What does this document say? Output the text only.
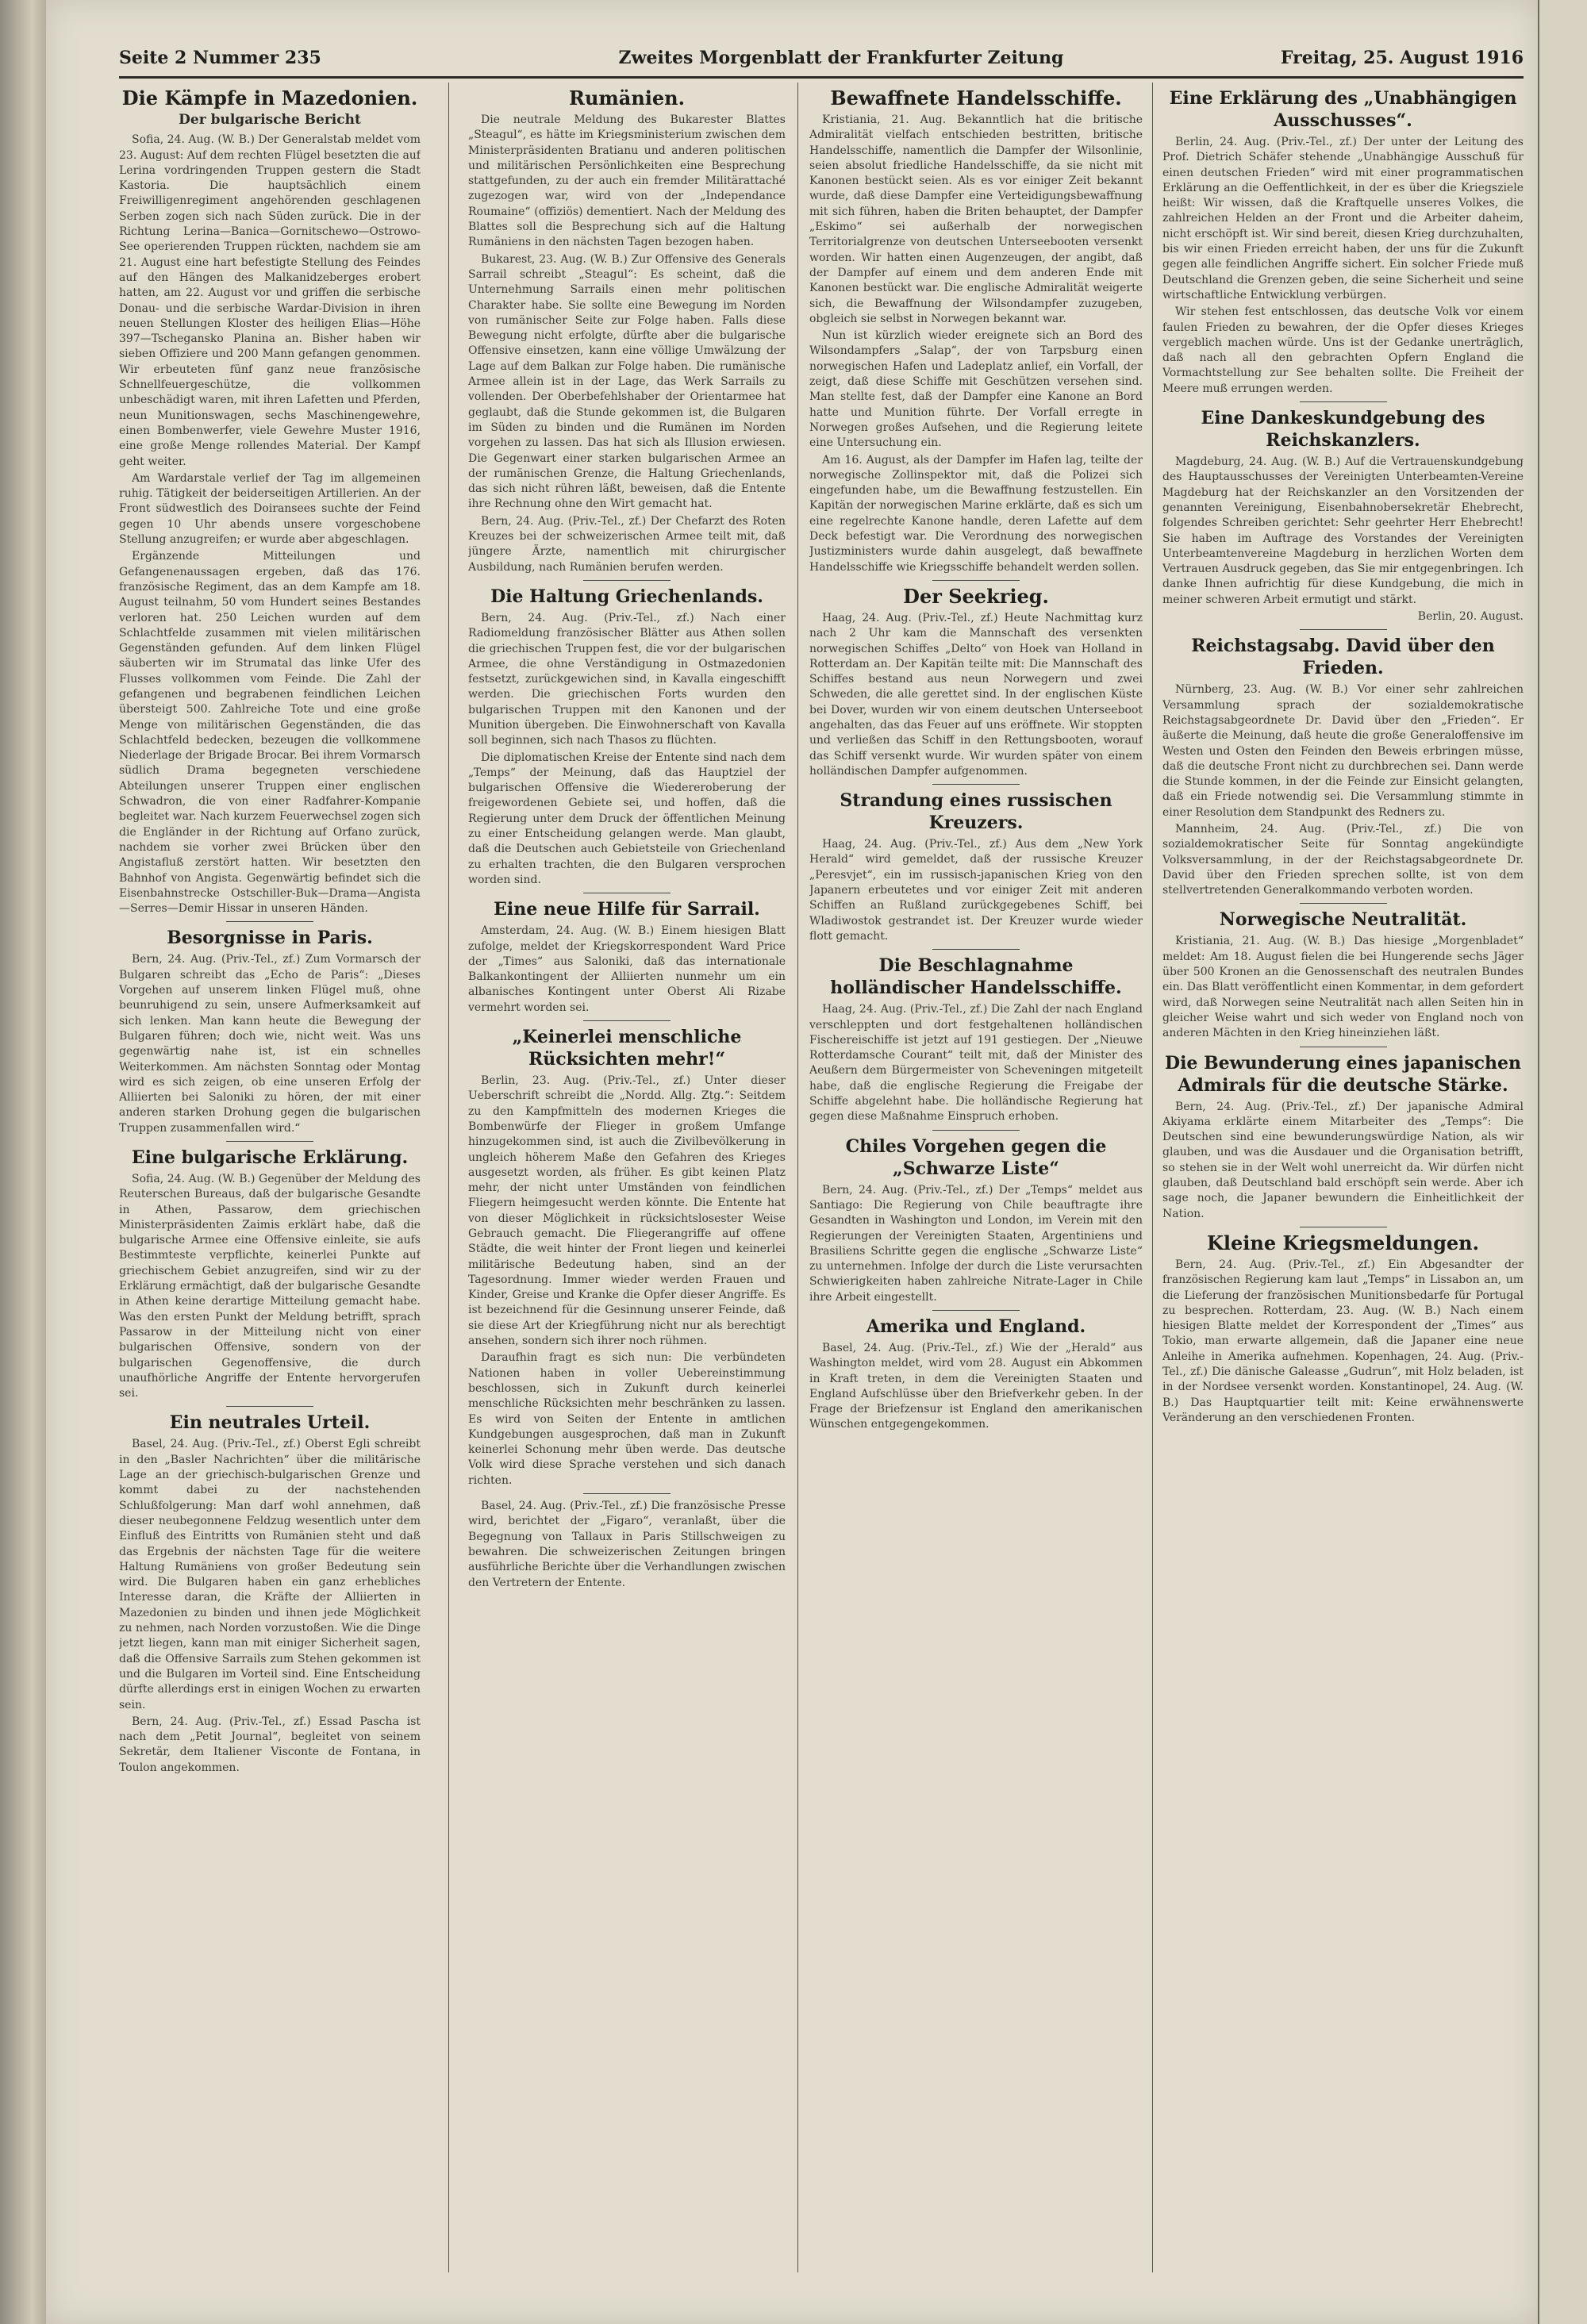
Seite 2 Nummer 235	Zweites Morgenblatt der Frankfurter Zeitung	Freitag, 25. August 1916
Die Kämpfe in Mazedonien.
Der bulgarische Bericht

Sofia, 24. Aug. (W. B.) Der Generalstab meldet vom 23. August: Auf dem rechten Flügel besetzten die auf Lerina vordringenden Truppen gestern die Stadt Kastoria. Die hauptsächlich einem Freiwilligenregiment angehörenden geschlagenen Serben zogen sich nach Süden zurück. Die in der Richtung Lerina—Banica—Gornitschewo—Ostrowo-See operierenden Truppen rückten, nachdem sie am 21. August eine hart befestigte Stellung des Feindes auf den Hängen des Malkanidzeberges erobert hatten, am 22. August vor und griffen die serbische Donau- und die serbische Wardar-Division in ihren neuen Stellungen Kloster des heiligen Elias—Höhe 397—Tschegansko Planina an. Bisher haben wir sieben Offiziere und 200 Mann gefangen genommen. Wir erbeuteten fünf ganz neue französische Schnellfeuergeschütze, die vollkommen unbeschädigt waren, mit ihren Lafetten und Pferden, neun Munitionswagen, sechs Maschinengewehre, einen Bombenwerfer, viele Gewehre Muster 1916, eine große Menge rollendes Material. Der Kampf geht weiter.

Am Wardarstale verlief der Tag im allgemeinen ruhig. Tätigkeit der beiderseitigen Artillerien. An der Front südwestlich des Doiransees suchte der Feind gegen 10 Uhr abends unsere vorgeschobene Stellung anzugreifen; er wurde aber abgeschlagen.

Ergänzende Mitteilungen und Gefangenenaussagen ergeben, daß das 176. französische Regiment, das an dem Kampfe am 18. August teilnahm, 50 vom Hundert seines Bestandes verloren hat. 250 Leichen wurden auf dem Schlachtfelde zusammen mit vielen militärischen Gegenständen gefunden. Auf dem linken Flügel säuberten wir im Strumatal das linke Ufer des Flusses vollkommen vom Feinde. Die Zahl der gefangenen und begrabenen feindlichen Leichen übersteigt 500. Zahlreiche Tote und eine große Menge von militärischen Gegenständen, die das Schlachtfeld bedecken, bezeugen die vollkommene Niederlage der Brigade Brocar. Bei ihrem Vormarsch südlich Drama begegneten verschiedene Abteilungen unserer Truppen einer englischen Schwadron, die von einer Radfahrer-Kompanie begleitet war. Nach kurzem Feuerwechsel zogen sich die Engländer in der Richtung auf Orfano zurück, nachdem sie vorher zwei Brücken über den Angistafluß zerstört hatten. Wir besetzten den Bahnhof von Angista. Gegenwärtig befindet sich die Eisenbahnstrecke Ostschiller-Buk—Drama—Angista—Serres—Demir Hissar in unseren Händen.

Besorgnisse in Paris.

Bern, 24. Aug. (Priv.-Tel., zf.) Zum Vormarsch der Bulgaren schreibt das „Echo de Paris“: „Dieses Vorgehen auf unserem linken Flügel muß, ohne beunruhigend zu sein, unsere Aufmerksamkeit auf sich lenken. Man kann heute die Bewegung der Bulgaren führen; doch wie, nicht weit. Was uns gegenwärtig nahe ist, ist ein schnelles Weiterkommen. Am nächsten Sonntag oder Montag wird es sich zeigen, ob eine unseren Erfolg der Alliierten bei Saloniki zu hören, der mit einer anderen starken Drohung gegen die bulgarischen Truppen zusammenfallen wird.“

Eine bulgarische Erklärung.

Sofia, 24. Aug. (W. B.) Gegenüber der Meldung des Reuterschen Bureaus, daß der bulgarische Gesandte in Athen, Passarow, dem griechischen Ministerpräsidenten Zaimis erklärt habe, daß die bulgarische Armee eine Offensive einleite, sie aufs Bestimmteste verpflichte, keinerlei Punkte auf griechischem Gebiet anzugreifen, sind wir zu der Erklärung ermächtigt, daß der bulgarische Gesandte in Athen keine derartige Mitteilung gemacht habe. Was den ersten Punkt der Meldung betrifft, sprach Passarow in der Mitteilung nicht von einer bulgarischen Offensive, sondern von der bulgarischen Gegenoffensive, die durch unaufhörliche Angriffe der Entente hervorgerufen sei.

Ein neutrales Urteil.

Basel, 24. Aug. (Priv.-Tel., zf.) Oberst Egli schreibt in den „Basler Nachrichten“ über die militärische Lage an der griechisch-bulgarischen Grenze und kommt dabei zu der nachstehenden Schlußfolgerung: Man darf wohl annehmen, daß dieser neubegonnene Feldzug wesentlich unter dem Einfluß des Eintritts von Rumänien steht und daß das Ergebnis der nächsten Tage für die weitere Haltung Rumäniens von großer Bedeutung sein wird. Die Bulgaren haben ein ganz erhebliches Interesse daran, die Kräfte der Alliierten in Mazedonien zu binden und ihnen jede Möglichkeit zu nehmen, nach Norden vorzustoßen. Wie die Dinge jetzt liegen, kann man mit einiger Sicherheit sagen, daß die Offensive Sarrails zum Stehen gekommen ist und die Bulgaren im Vorteil sind. Eine Entscheidung dürfte allerdings erst in einigen Wochen zu erwarten sein.

Bern, 24. Aug. (Priv.-Tel., zf.) Essad Pascha ist nach dem „Petit Journal“, begleitet von seinem Sekretär, dem Italiener Visconte de Fontana, in Toulon angekommen.

Rumänien.

Die neutrale Meldung des Bukarester Blattes „Steagul“, es hätte im Kriegsministerium zwischen dem Ministerpräsidenten Bratianu und anderen politischen und militärischen Persönlichkeiten eine Besprechung stattgefunden, zu der auch ein fremder Militärattaché zugezogen war, wird von der „Independance Roumaine“ (offiziös) dementiert. Nach der Meldung des Blattes soll die Besprechung sich auf die Haltung Rumäniens in den nächsten Tagen bezogen haben.

Bukarest, 23. Aug. (W. B.) Zur Offensive des Generals Sarrail schreibt „Steagul“: Es scheint, daß die Unternehmung Sarrails einen mehr politischen Charakter habe. Sie sollte eine Bewegung im Norden von rumänischer Seite zur Folge haben. Falls diese Bewegung nicht erfolgte, dürfte aber die bulgarische Offensive einsetzen, kann eine völlige Umwälzung der Lage auf dem Balkan zur Folge haben. Die rumänische Armee allein ist in der Lage, das Werk Sarrails zu vollenden. Der Oberbefehlshaber der Orientarmee hat geglaubt, daß die Stunde gekommen ist, die Bulgaren im Süden zu binden und die Rumänen im Norden vorgehen zu lassen. Das hat sich als Illusion erwiesen. Die Gegenwart einer starken bulgarischen Armee an der rumänischen Grenze, die Haltung Griechenlands, das sich nicht rühren läßt, beweisen, daß die Entente ihre Rechnung ohne den Wirt gemacht hat.

Bern, 24. Aug. (Priv.-Tel., zf.) Der Chefarzt des Roten Kreuzes bei der schweizerischen Armee teilt mit, daß jüngere Ärzte, namentlich mit chirurgischer Ausbildung, nach Rumänien berufen werden.

Die Haltung Griechenlands.

Bern, 24. Aug. (Priv.-Tel., zf.) Nach einer Radiomeldung französischer Blätter aus Athen sollen die griechischen Truppen fest, die vor der bulgarischen Armee, die ohne Verständigung in Ostmazedonien festsetzt, zurückgewichen sind, in Kavalla eingeschifft werden. Die griechischen Forts wurden den bulgarischen Truppen mit den Kanonen und der Munition übergeben. Die Einwohnerschaft von Kavalla soll beginnen, sich nach Thasos zu flüchten.

Die diplomatischen Kreise der Entente sind nach dem „Temps“ der Meinung, daß das Hauptziel der bulgarischen Offensive die Wiedereroberung der freigewordenen Gebiete sei, und hoffen, daß die Regierung unter dem Druck der öffentlichen Meinung zu einer Entscheidung gelangen werde. Man glaubt, daß die Deutschen auch Gebietsteile von Griechenland zu erhalten trachten, die den Bulgaren versprochen worden sind.

Eine neue Hilfe für Sarrail.

Amsterdam, 24. Aug. (W. B.) Einem hiesigen Blatt zufolge, meldet der Kriegskorrespondent Ward Price der „Times“ aus Saloniki, daß das internationale Balkankontingent der Alliierten nunmehr um ein albanisches Kontingent unter Oberst Ali Rizabe vermehrt worden sei.

„Keinerlei menschliche Rücksichten mehr!“

Berlin, 23. Aug. (Priv.-Tel., zf.) Unter dieser Ueberschrift schreibt die „Nordd. Allg. Ztg.“: Seitdem zu den Kampfmitteln des modernen Krieges die Bombenwürfe der Flieger in großem Umfange hinzugekommen sind, ist auch die Zivilbevölkerung in ungleich höherem Maße den Gefahren des Krieges ausgesetzt worden, als früher. Es gibt keinen Platz mehr, der nicht unter Umständen von feindlichen Fliegern heimgesucht werden könnte. Die Entente hat von dieser Möglichkeit in rücksichtslosester Weise Gebrauch gemacht. Die Fliegerangriffe auf offene Städte, die weit hinter der Front liegen und keinerlei militärische Bedeutung haben, sind an der Tagesordnung. Immer wieder werden Frauen und Kinder, Greise und Kranke die Opfer dieser Angriffe. Es ist bezeichnend für die Gesinnung unserer Feinde, daß sie diese Art der Kriegführung nicht nur als berechtigt ansehen, sondern sich ihrer noch rühmen.

Daraufhin fragt es sich nun: Die verbündeten Nationen haben in voller Uebereinstimmung beschlossen, sich in Zukunft durch keinerlei menschliche Rücksichten mehr beschränken zu lassen. Es wird von Seiten der Entente in amtlichen Kundgebungen ausgesprochen, daß man in Zukunft keinerlei Schonung mehr üben werde. Das deutsche Volk wird diese Sprache verstehen und sich danach richten.

Basel, 24. Aug. (Priv.-Tel., zf.) Die französische Presse wird, berichtet der „Figaro“, veranlaßt, über die Begegnung von Tallaux in Paris Stillschweigen zu bewahren. Die schweizerischen Zeitungen bringen ausführliche Berichte über die Verhandlungen zwischen den Vertretern der Entente.

Bewaffnete Handelsschiffe.

Kristiania, 21. Aug. Bekanntlich hat die britische Admiralität vielfach entschieden bestritten, britische Handelsschiffe, namentlich die Dampfer der Wilsonlinie, seien absolut friedliche Handelsschiffe, da sie nicht mit Kanonen bestückt seien. Als es vor einiger Zeit bekannt wurde, daß diese Dampfer eine Verteidigungsbewaffnung mit sich führen, haben die Briten behauptet, der Dampfer „Eskimo“ sei außerhalb der norwegischen Territorialgrenze von deutschen Unterseebooten versenkt worden. Wir hatten einen Augenzeugen, der angibt, daß der Dampfer auf einem und dem anderen Ende mit Kanonen bestückt war. Die englische Admiralität weigerte sich, die Bewaffnung der Wilsondampfer zuzugeben, obgleich sie selbst in Norwegen bekannt war.

Nun ist kürzlich wieder ereignete sich an Bord des Wilsondampfers „Salap“, der von Tarpsburg einen norwegischen Hafen und Ladeplatz anlief, ein Vorfall, der zeigt, daß diese Schiffe mit Geschützen versehen sind. Man stellte fest, daß der Dampfer eine Kanone an Bord hatte und Munition führte. Der Vorfall erregte in Norwegen großes Aufsehen, und die Regierung leitete eine Untersuchung ein.

Am 16. August, als der Dampfer im Hafen lag, teilte der norwegische Zollinspektor mit, daß die Polizei sich eingefunden habe, um die Bewaffnung festzustellen. Ein Kapitän der norwegischen Marine erklärte, daß es sich um eine regelrechte Kanone handle, deren Lafette auf dem Deck befestigt war. Die Verordnung des norwegischen Justizministers wurde dahin ausgelegt, daß bewaffnete Handelsschiffe wie Kriegsschiffe behandelt werden sollen.

Der Seekrieg.

Haag, 24. Aug. (Priv.-Tel., zf.) Heute Nachmittag kurz nach 2 Uhr kam die Mannschaft des versenkten norwegischen Schiffes „Delto“ von Hoek van Holland in Rotterdam an. Der Kapitän teilte mit: Die Mannschaft des Schiffes bestand aus neun Norwegern und zwei Schweden, die alle gerettet sind. In der englischen Küste bei Dover, wurden wir von einem deutschen Unterseeboot angehalten, das das Feuer auf uns eröffnete. Wir stoppten und verließen das Schiff in den Rettungsbooten, worauf das Schiff versenkt wurde. Wir wurden später von einem holländischen Dampfer aufgenommen.

Strandung eines russischen Kreuzers.

Haag, 24. Aug. (Priv.-Tel., zf.) Aus dem „New York Herald“ wird gemeldet, daß der russische Kreuzer „Peresvjet“, ein im russisch-japanischen Krieg von den Japanern erbeutetes und vor einiger Zeit mit anderen Schiffen an Rußland zurückgegebenes Schiff, bei Wladiwostok gestrandet ist. Der Kreuzer wurde wieder flott gemacht.

Die Beschlagnahme holländischer Handelsschiffe.

Haag, 24. Aug. (Priv.-Tel., zf.) Die Zahl der nach England verschleppten und dort festgehaltenen holländischen Fischereischiffe ist jetzt auf 191 gestiegen. Der „Nieuwe Rotterdamsche Courant“ teilt mit, daß der Minister des Aeußern dem Bürgermeister von Scheveningen mitgeteilt habe, daß die englische Regierung die Freigabe der Schiffe abgelehnt habe. Die holländische Regierung hat gegen diese Maßnahme Einspruch erhoben.

Chiles Vorgehen gegen die „Schwarze Liste“

Bern, 24. Aug. (Priv.-Tel., zf.) Der „Temps“ meldet aus Santiago: Die Regierung von Chile beauftragte ihre Gesandten in Washington und London, im Verein mit den Regierungen der Vereinigten Staaten, Argentiniens und Brasiliens Schritte gegen die englische „Schwarze Liste“ zu unternehmen. Infolge der durch die Liste verursachten Schwierigkeiten haben zahlreiche Nitrate-Lager in Chile ihre Arbeit eingestellt.

Amerika und England.

Basel, 24. Aug. (Priv.-Tel., zf.) Wie der „Herald“ aus Washington meldet, wird vom 28. August ein Abkommen in Kraft treten, in dem die Vereinigten Staaten und England Aufschlüsse über den Briefverkehr geben. In der Frage der Briefzensur ist England den amerikanischen Wünschen entgegengekommen.

Eine Erklärung des „Unabhängigen Ausschusses“.

Berlin, 24. Aug. (Priv.-Tel., zf.) Der unter der Leitung des Prof. Dietrich Schäfer stehende „Unabhängige Ausschuß für einen deutschen Frieden“ wird mit einer programmatischen Erklärung an die Oeffentlichkeit, in der es über die Kriegsziele heißt: Wir wissen, daß die Kraftquelle unseres Volkes, die zahlreichen Helden an der Front und die Arbeiter daheim, nicht erschöpft ist. Wir sind bereit, diesen Krieg durchzuhalten, bis wir einen Frieden erreicht haben, der uns für die Zukunft gegen alle feindlichen Angriffe sichert. Ein solcher Friede muß Deutschland die Grenzen geben, die seine Sicherheit und seine wirtschaftliche Entwicklung verbürgen.

Wir stehen fest entschlossen, das deutsche Volk vor einem faulen Frieden zu bewahren, der die Opfer dieses Krieges vergeblich machen würde. Uns ist der Gedanke unerträglich, daß nach all den gebrachten Opfern England die Vormachtstellung zur See behalten sollte. Die Freiheit der Meere muß errungen werden.

Eine Dankeskundgebung des Reichskanzlers.

Magdeburg, 24. Aug. (W. B.) Auf die Vertrauenskundgebung des Hauptausschusses der Vereinigten Unterbeamten-Vereine Magdeburg hat der Reichskanzler an den Vorsitzenden der genannten Vereinigung, Eisenbahnobersekretär Ehebrecht, folgendes Schreiben gerichtet: Sehr geehrter Herr Ehebrecht! Sie haben im Auftrage des Vorstandes der Vereinigten Unterbeamtenvereine Magdeburg in herzlichen Worten dem Vertrauen Ausdruck gegeben, das Sie mir entgegenbringen. Ich danke Ihnen aufrichtig für diese Kundgebung, die mich in meiner schweren Arbeit ermutigt und stärkt.

Berlin, 20. August.

Reichstagsabg. David über den Frieden.

Nürnberg, 23. Aug. (W. B.) Vor einer sehr zahlreichen Versammlung sprach der sozialdemokratische Reichstagsabgeordnete Dr. David über den „Frieden“. Er äußerte die Meinung, daß heute die große Generaloffensive im Westen und Osten den Feinden den Beweis erbringen müsse, daß die deutsche Front nicht zu durchbrechen sei. Dann werde die Stunde kommen, in der die Feinde zur Einsicht gelangten, daß ein Friede notwendig sei. Die Versammlung stimmte in einer Resolution dem Standpunkt des Redners zu.

Mannheim, 24. Aug. (Priv.-Tel., zf.) Die von sozialdemokratischer Seite für Sonntag angekündigte Volksversammlung, in der der Reichstagsabgeordnete Dr. David über den Frieden sprechen sollte, ist von dem stellvertretenden Generalkommando verboten worden.

Norwegische Neutralität.

Kristiania, 21. Aug. (W. B.) Das hiesige „Morgenbladet“ meldet: Am 18. August fielen die bei Hungerende sechs Jäger über 500 Kronen an die Genossenschaft des neutralen Bundes ein. Das Blatt veröffentlicht einen Kommentar, in dem gefordert wird, daß Norwegen seine Neutralität nach allen Seiten hin in gleicher Weise wahrt und sich weder von England noch von anderen Mächten in den Krieg hineinziehen läßt.

Die Bewunderung eines japanischen Admirals für die deutsche Stärke.

Bern, 24. Aug. (Priv.-Tel., zf.) Der japanische Admiral Akiyama erklärte einem Mitarbeiter des „Temps“: Die Deutschen sind eine bewunderungswürdige Nation, als wir glauben, und was die Ausdauer und die Organisation betrifft, so stehen sie in der Welt wohl unerreicht da. Wir dürfen nicht glauben, daß Deutschland bald erschöpft sein werde. Aber ich sage noch, die Japaner bewundern die Einheitlichkeit der Nation.

Kleine Kriegsmeldungen.

Bern, 24. Aug. (Priv.-Tel., zf.) Ein Abgesandter der französischen Regierung kam laut „Temps“ in Lissabon an, um die Lieferung der französischen Munitionsbedarfe für Portugal zu besprechen. Rotterdam, 23. Aug. (W. B.) Nach einem hiesigen Blatte meldet der Korrespondent der „Times“ aus Tokio, man erwarte allgemein, daß die Japaner eine neue Anleihe in Amerika aufnehmen. Kopenhagen, 24. Aug. (Priv.-Tel., zf.) Die dänische Galeasse „Gudrun“, mit Holz beladen, ist in der Nordsee versenkt worden. Konstantinopel, 24. Aug. (W. B.) Das Hauptquartier teilt mit: Keine erwähnenswerte Veränderung an den verschiedenen Fronten.
